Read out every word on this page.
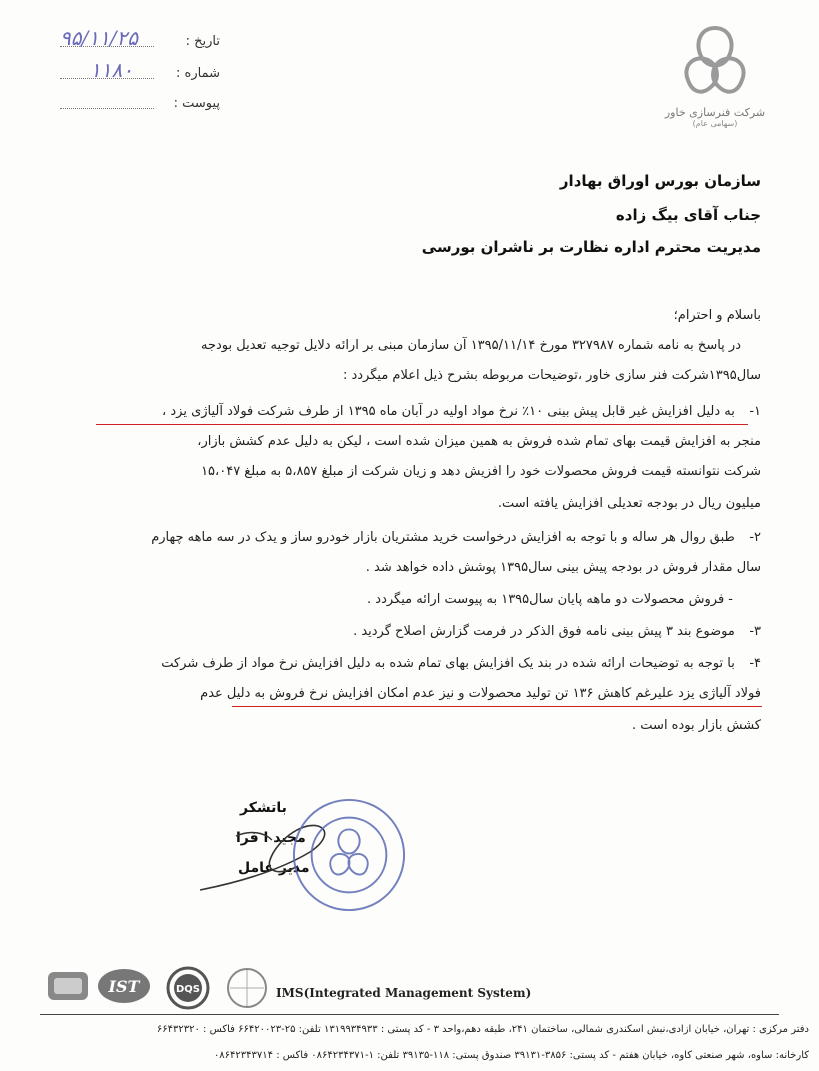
۹۵/۱۱/۲۵	تاریخ :
۱۱۸۰	شماره :
پیوست :
شرکت فنرسازی خاور
(سهامی عام)
سازمان بورس اوراق بهادار
جناب آقای بیگ زاده
مدیریت محترم اداره نظارت بر ناشران بورسی
باسلام و احترام؛
در پاسخ به نامه شماره ۳۲۷۹۸۷ مورخ ۱۳۹۵/۱۱/۱۴ آن سازمان مبنی بر ارائه دلایل توجیه تعدیل بودجه
سال۱۳۹۵شرکت فنر سازی خاور ،توضیحات مربوطه بشرح ذیل اعلام میگردد :
۱- به دلیل افزایش غیر قابل پیش بینی ۱۰٪ نرخ مواد اولیه در آبان ماه ۱۳۹۵ از طرف شرکت فولاد آلیاژی یزد ،
منجر به افزایش قیمت بهای تمام شده فروش به همین میزان شده است ، لیکن به دلیل عدم کشش بازار،
شرکت نتوانسته قیمت فروش محصولات خود را افزیش دهد و زیان شرکت از مبلغ ۵،۸۵۷ به مبلغ ۱۵،۰۴۷
میلیون ریال در بودجه تعدیلی افزایش یافته است.
۲- طبق روال هر ساله و با توجه به افزایش درخواست خرید مشتریان بازار خودرو ساز و یدک در سه ماهه چهارم
سال مقدار فروش در بودجه پیش بینی سال۱۳۹۵ پوشش داده خواهد شد .
- فروش محصولات دو ماهه پایان سال۱۳۹۵ به پیوست ارائه میگردد .
۳- موضوع بند ۳ پیش بینی نامه فوق الذکر در فرمت گزارش اصلاح گردید .
۴- با توجه به توضیحات ارائه شده در بند یک افزایش بهای تمام شده به دلیل افزایش نرخ مواد از طرف شرکت
فولاد آلیاژی یزد علیرغم کاهش ۱۳۶ تن تولید محصولات و نیز عدم امکان افزایش نرخ فروش به دلیل عدم
کشش بازار بوده است .
باتشکر
مجید ا فرا
مدیر عامل
IST	DQS	IMS(Integrated Management System)
دفتر مرکزی : تهران، خیابان آزادی،نبش اسکندری شمالی، ساختمان ۲۴۱، طبقه دهم،واحد ۳ - کد پستی : ۱۳۱۹۹۳۴۹۳۳ تلفن: ۲۵-۶۶۴۲۰۰۲۳ فاکس : ۶۶۴۳۲۳۲۰
کارخانه: ساوه، شهر صنعتی کاوه، خیابان هفتم - کد پستی: ۳۸۵۶-۳۹۱۳۱ صندوق پستی: ۱۱۸-۳۹۱۳۵ تلفن: ۱-۰۸۶۴۲۳۴۳۷۱ فاکس : ۰۸۶۴۲۳۴۳۷۱۴
